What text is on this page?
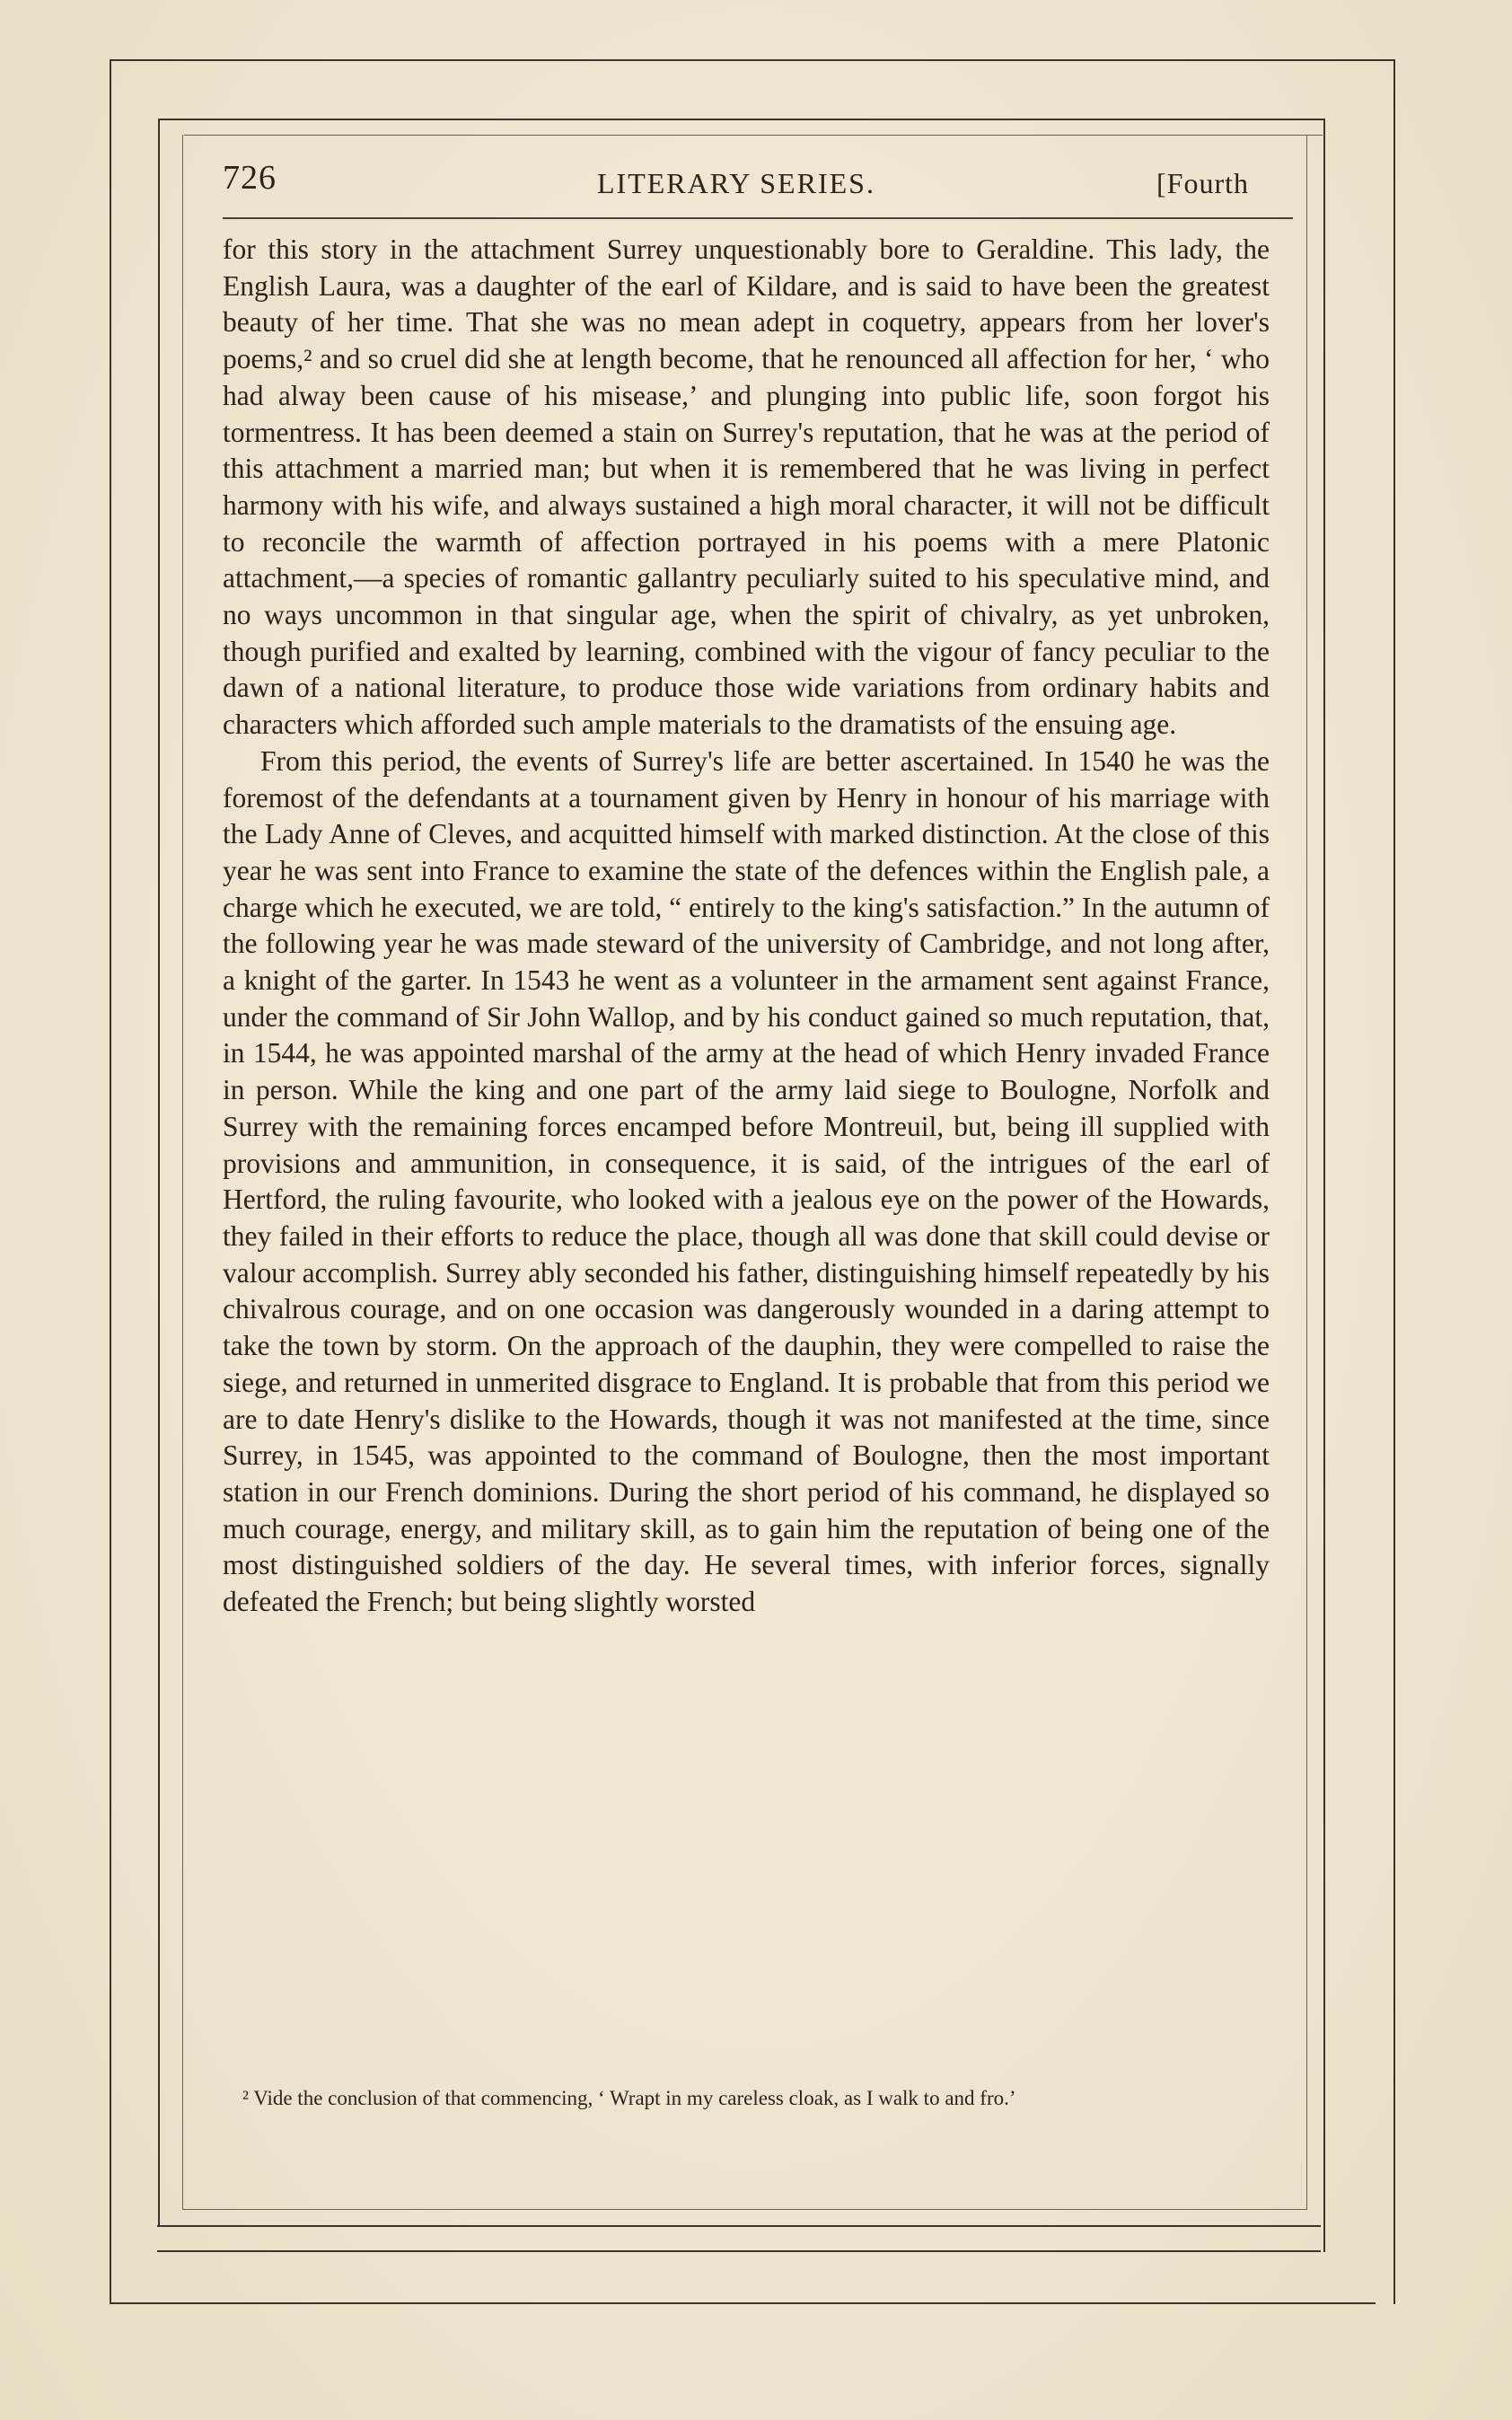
726	LITERARY SERIES.	[Fourth

for this story in the attachment Surrey unquestionably bore to Geraldine. This lady, the English Laura, was a daughter of the earl of Kildare, and is said to have been the greatest beauty of her time. That she was no mean adept in coquetry, appears from her lover's poems,² and so cruel did she at length become, that he renounced all affection for her, ‘ who had alway been cause of his misease,’ and plunging into public life, soon forgot his tormentress. It has been deemed a stain on Surrey's reputation, that he was at the period of this attachment a married man; but when it is remembered that he was living in perfect harmony with his wife, and always sustained a high moral character, it will not be difficult to reconcile the warmth of affection portrayed in his poems with a mere Platonic attachment,—a species of romantic gallantry peculiarly suited to his speculative mind, and no ways uncommon in that singular age, when the spirit of chivalry, as yet unbroken, though purified and exalted by learning, combined with the vigour of fancy peculiar to the dawn of a national literature, to produce those wide variations from ordinary habits and characters which afforded such ample materials to the dramatists of the ensuing age.

From this period, the events of Surrey's life are better ascertained. In 1540 he was the foremost of the defendants at a tournament given by Henry in honour of his marriage with the Lady Anne of Cleves, and acquitted himself with marked distinction. At the close of this year he was sent into France to examine the state of the defences within the English pale, a charge which he executed, we are told, “ entirely to the king's satisfaction.” In the autumn of the following year he was made steward of the university of Cambridge, and not long after, a knight of the garter. In 1543 he went as a volunteer in the armament sent against France, under the command of Sir John Wallop, and by his conduct gained so much reputation, that, in 1544, he was appointed marshal of the army at the head of which Henry invaded France in person. While the king and one part of the army laid siege to Boulogne, Norfolk and Surrey with the remaining forces encamped before Montreuil, but, being ill supplied with provisions and ammunition, in consequence, it is said, of the intrigues of the earl of Hertford, the ruling favourite, who looked with a jealous eye on the power of the Howards, they failed in their efforts to reduce the place, though all was done that skill could devise or valour accomplish. Surrey ably seconded his father, distinguishing himself repeatedly by his chivalrous courage, and on one occasion was dangerously wounded in a daring attempt to take the town by storm. On the approach of the dauphin, they were compelled to raise the siege, and returned in unmerited disgrace to England. It is probable that from this period we are to date Henry's dislike to the Howards, though it was not manifested at the time, since Surrey, in 1545, was appointed to the command of Boulogne, then the most important station in our French dominions. During the short period of his command, he displayed so much courage, energy, and military skill, as to gain him the reputation of being one of the most distinguished soldiers of the day. He several times, with inferior forces, signally defeated the French; but being slightly worsted

² Vide the conclusion of that commencing, ‘ Wrapt in my careless cloak, as I walk to and fro.’
